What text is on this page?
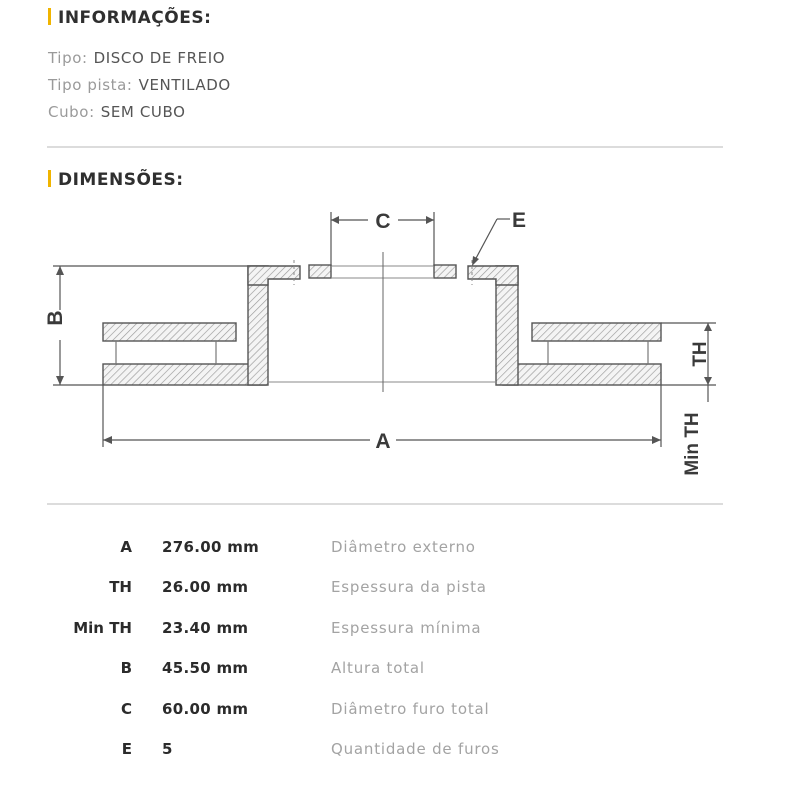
INFORMAÇÕES:
Tipo: DISCO DE FREIO
Tipo pista: VENTILADO
Cubo: SEM CUBO
DIMENSÕES:
C	E
B
A
TH
Min TH
A 276.00 mm	Diâmetro externo
TH 26.00 mm	Espessura da pista
Min TH 23.40 mm	Espessura mínima
B 45.50 mm	Altura total
C 60.00 mm	Diâmetro furo total
E 5	Quantidade de furos
